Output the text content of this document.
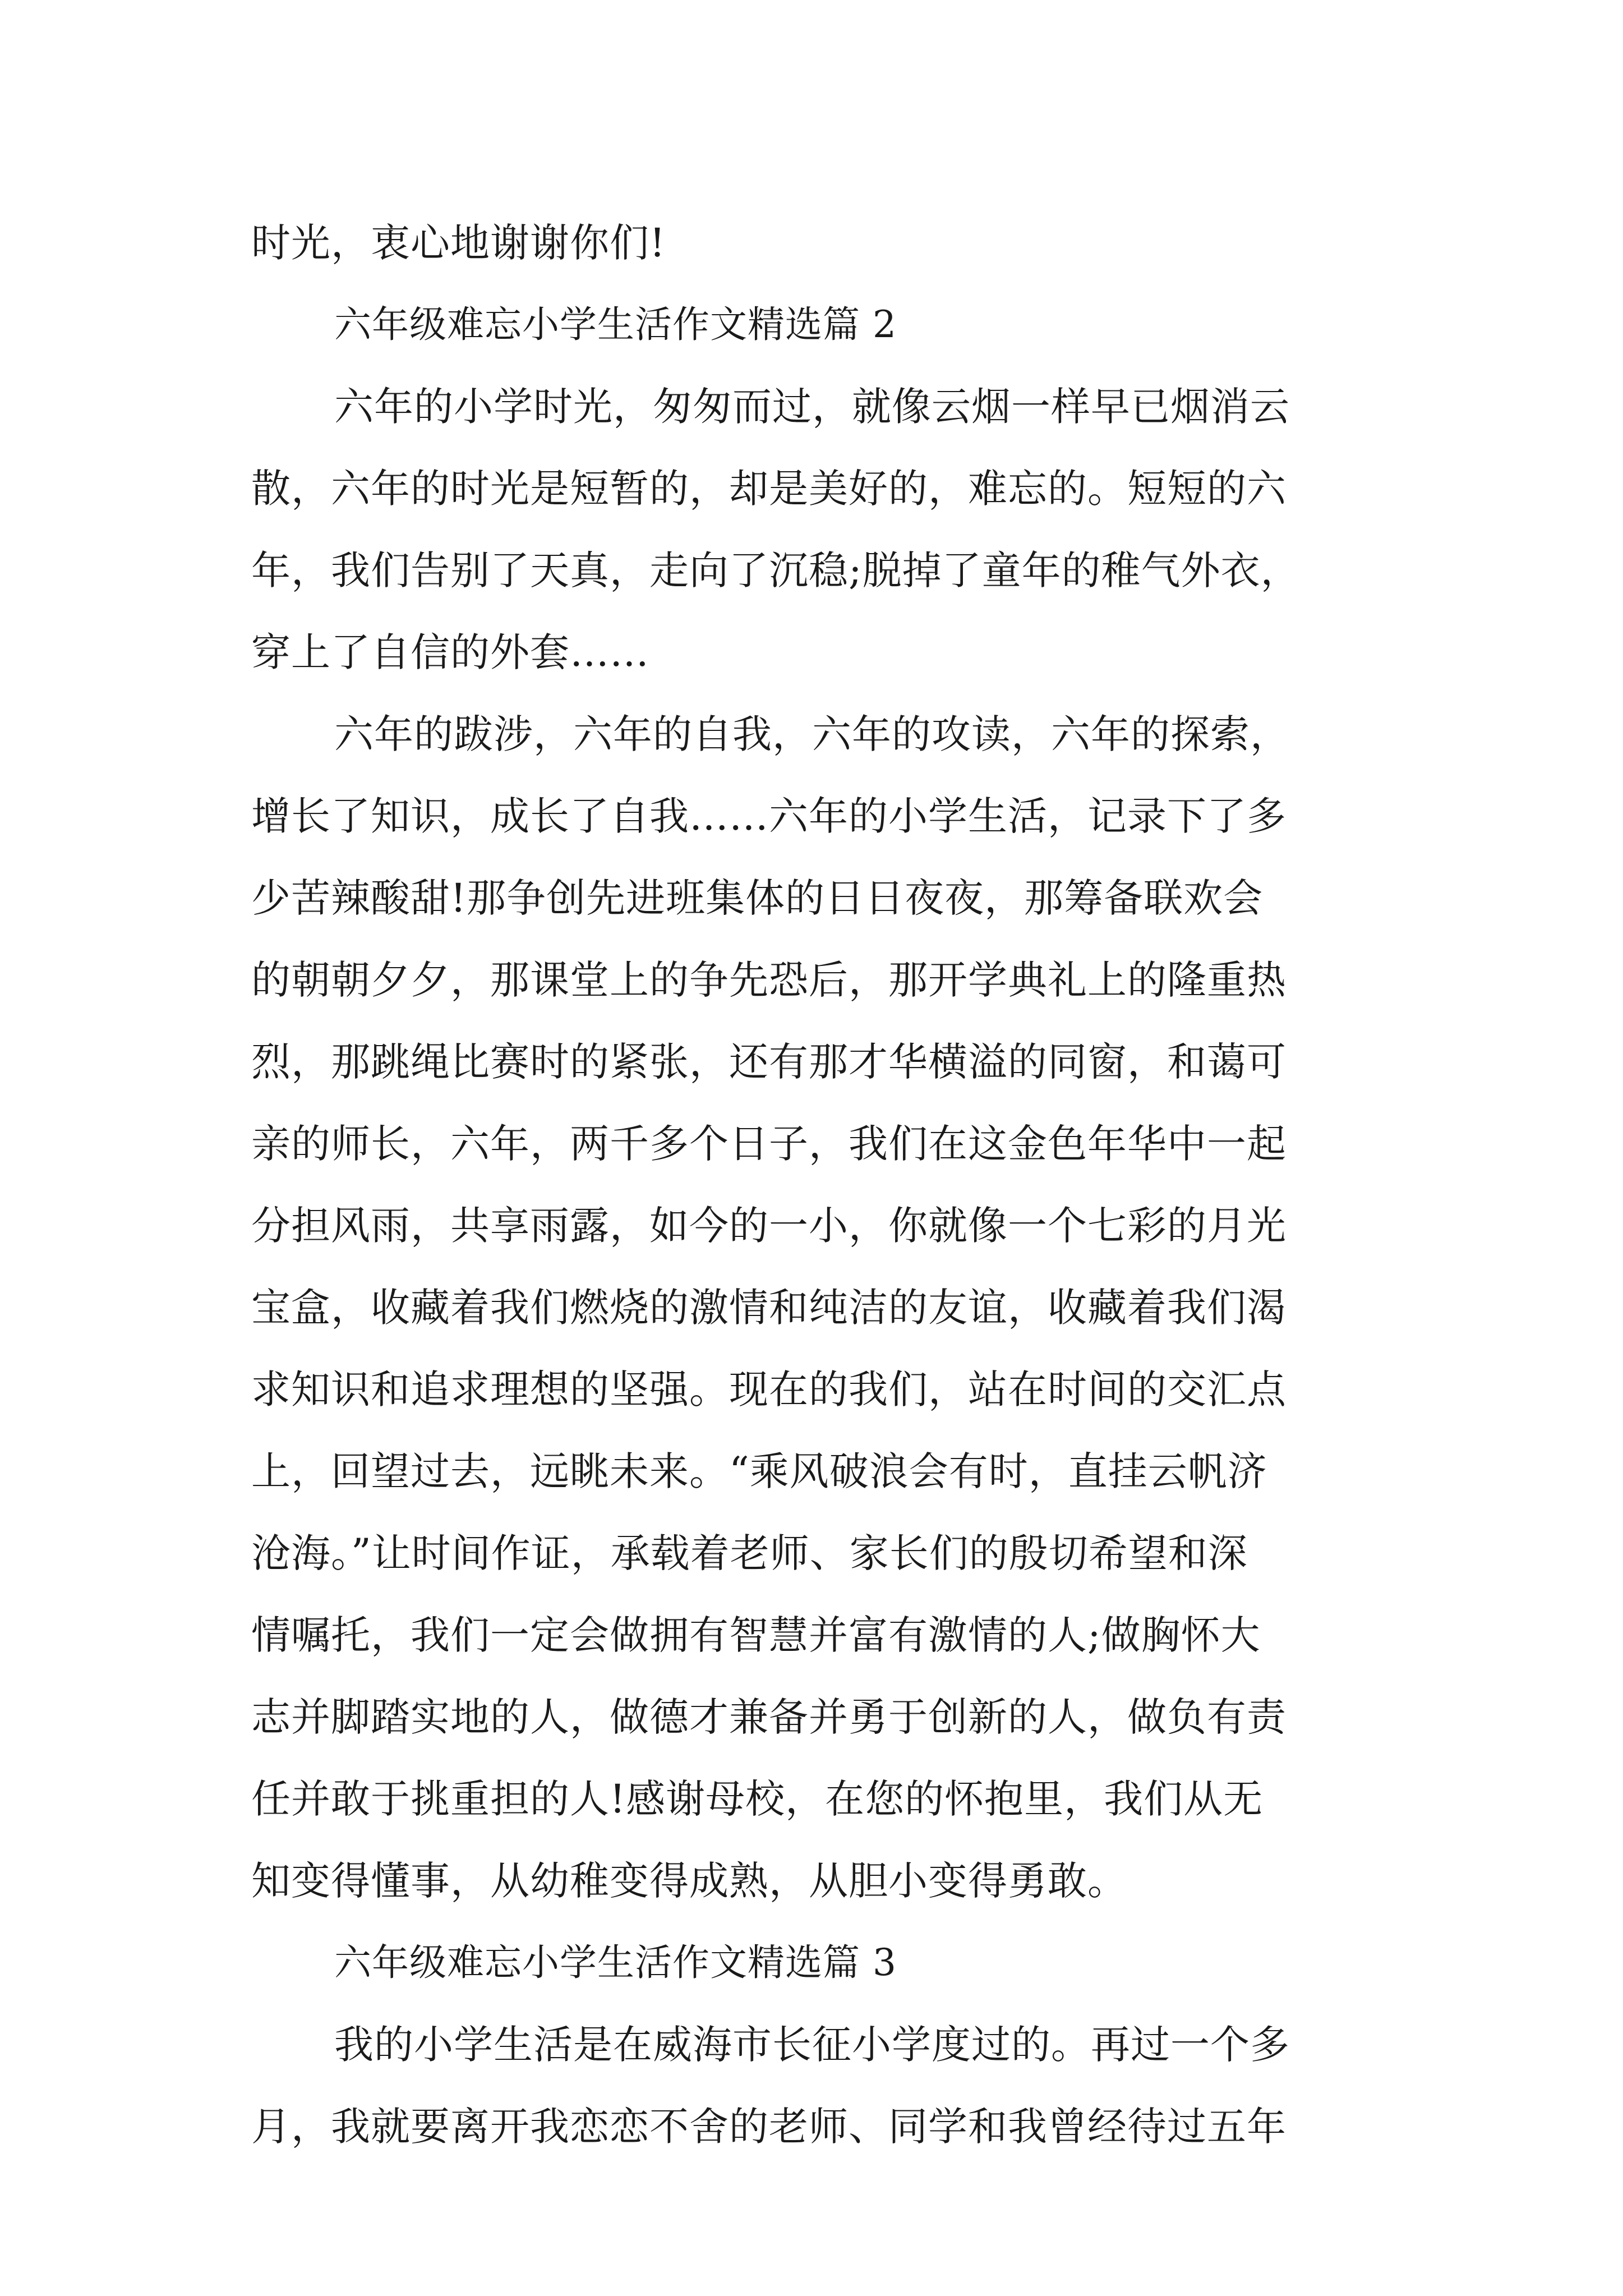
时光，衷心地谢谢你们!

六年级难忘小学生活作文精选篇 2

六年的小学时光，匆匆而过，就像云烟一样早已烟消云
散，六年的时光是短暂的，却是美好的，难忘的。短短的六
年，我们告别了天真，走向了沉稳;脱掉了童年的稚气外衣，
穿上了自信的外套……

六年的跋涉，六年的自我，六年的攻读，六年的探索，
增长了知识，成长了自我……六年的小学生活，记录下了多
少苦辣酸甜!那争创先进班集体的日日夜夜，那筹备联欢会
的朝朝夕夕，那课堂上的争先恐后，那开学典礼上的隆重热
烈，那跳绳比赛时的紧张，还有那才华横溢的同窗，和蔼可
亲的师长，六年，两千多个日子，我们在这金色年华中一起
分担风雨，共享雨露，如今的一小，你就像一个七彩的月光
宝盒，收藏着我们燃烧的激情和纯洁的友谊，收藏着我们渴
求知识和追求理想的坚强。现在的我们，站在时间的交汇点
上，回望过去，远眺未来。“乘风破浪会有时，直挂云帆济
沧海。”让时间作证，承载着老师、家长们的殷切希望和深
情嘱托，我们一定会做拥有智慧并富有激情的人;做胸怀大
志并脚踏实地的人，做德才兼备并勇于创新的人，做负有责
任并敢于挑重担的人!感谢母校，在您的怀抱里，我们从无
知变得懂事，从幼稚变得成熟，从胆小变得勇敢。

六年级难忘小学生活作文精选篇 3

我的小学生活是在威海市长征小学度过的。再过一个多
月，我就要离开我恋恋不舍的老师、同学和我曾经待过五年
